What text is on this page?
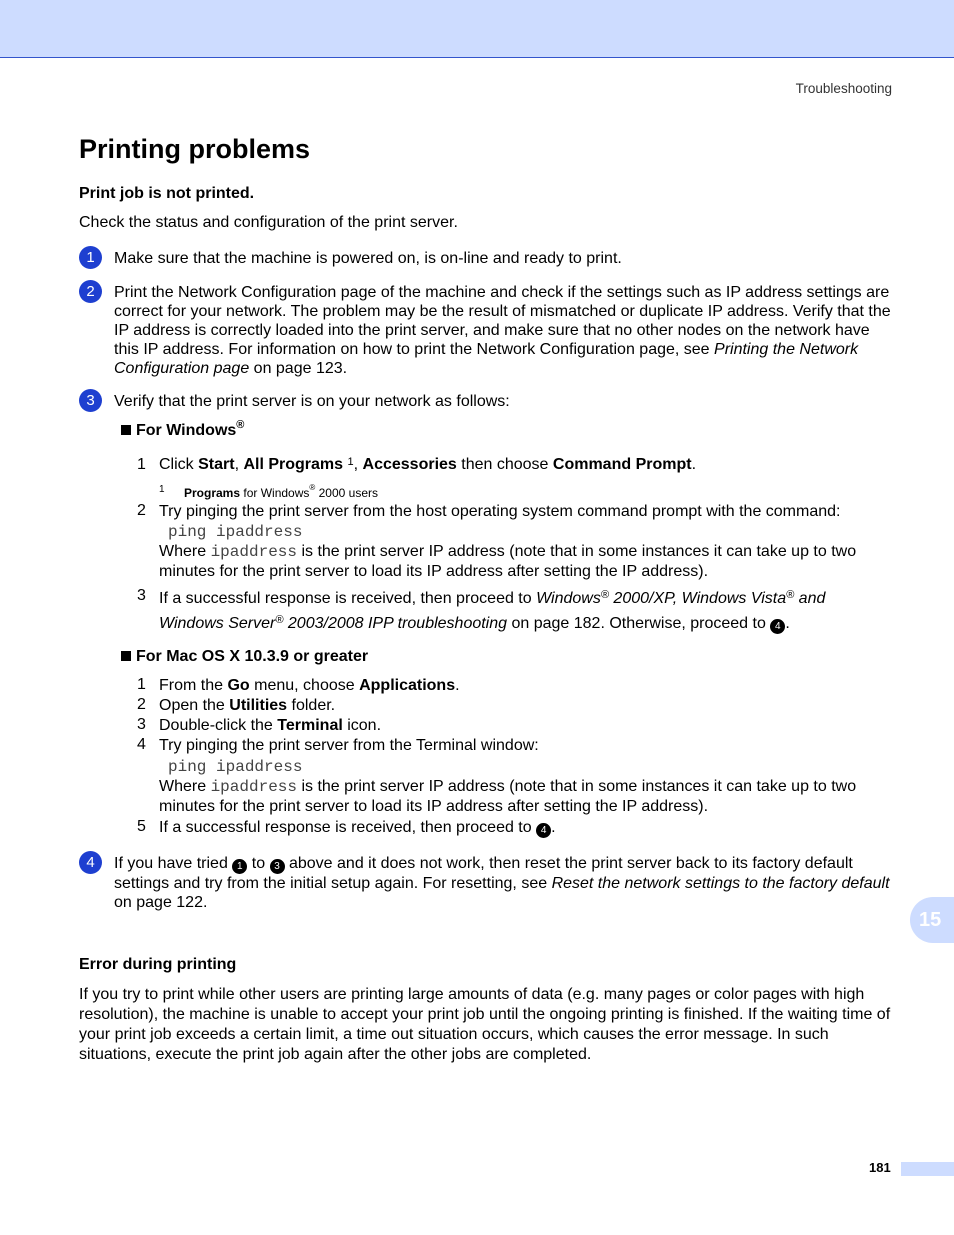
Troubleshooting
Printing problems
Print job is not printed.
Check the status and configuration of the print server.
1	Make sure that the machine is powered on, is on-line and ready to print.
2	Print the Network Configuration page of the machine and check if the settings such as IP address settings are correct for your network. The problem may be the result of mismatched or duplicate IP address. Verify that the IP address is correctly loaded into the print server, and make sure that no other nodes on the network have this IP address. For information on how to print the Network Configuration page, see Printing the Network Configuration page on page 123.
3	Verify that the print server is on your network as follows:
For Windows®
1 Click Start, All Programs $^1$, Accessories then choose Command Prompt.
1 Programs for Windows® 2000 users
2 Try pinging the print server from the host operating system command prompt with the command:
ping ipaddress
Where ipaddress is the print server IP address (note that in some instances it can take up to two minutes for the print server to load its IP address after setting the IP address).
3 If a successful response is received, then proceed to Windows® 2000/XP, Windows Vista® and Windows Server® 2003/2008 IPP troubleshooting on page 182. Otherwise, proceed to 4 .
For Mac OS X 10.3.9 or greater
1 From the Go menu, choose Applications.
2 Open the Utilities folder.
3 Double-click the Terminal icon.
4 Try pinging the print server from the Terminal window:
ping ipaddress
Where ipaddress is the print server IP address (note that in some instances it can take up to two minutes for the print server to load its IP address after setting the IP address).
5 If a successful response is received, then proceed to 4 .
4	If you have tried 1 to 3 above and it does not work, then reset the print server back to its factory default settings and try from the initial setup again. For resetting, see Reset the network settings to the factory default on page 122.
15
Error during printing
If you try to print while other users are printing large amounts of data (e.g. many pages or color pages with high resolution), the machine is unable to accept your print job until the ongoing printing is finished. If the waiting time of your print job exceeds a certain limit, a time out situation occurs, which causes the error message. In such situations, execute the print job again after the other jobs are completed.
181
